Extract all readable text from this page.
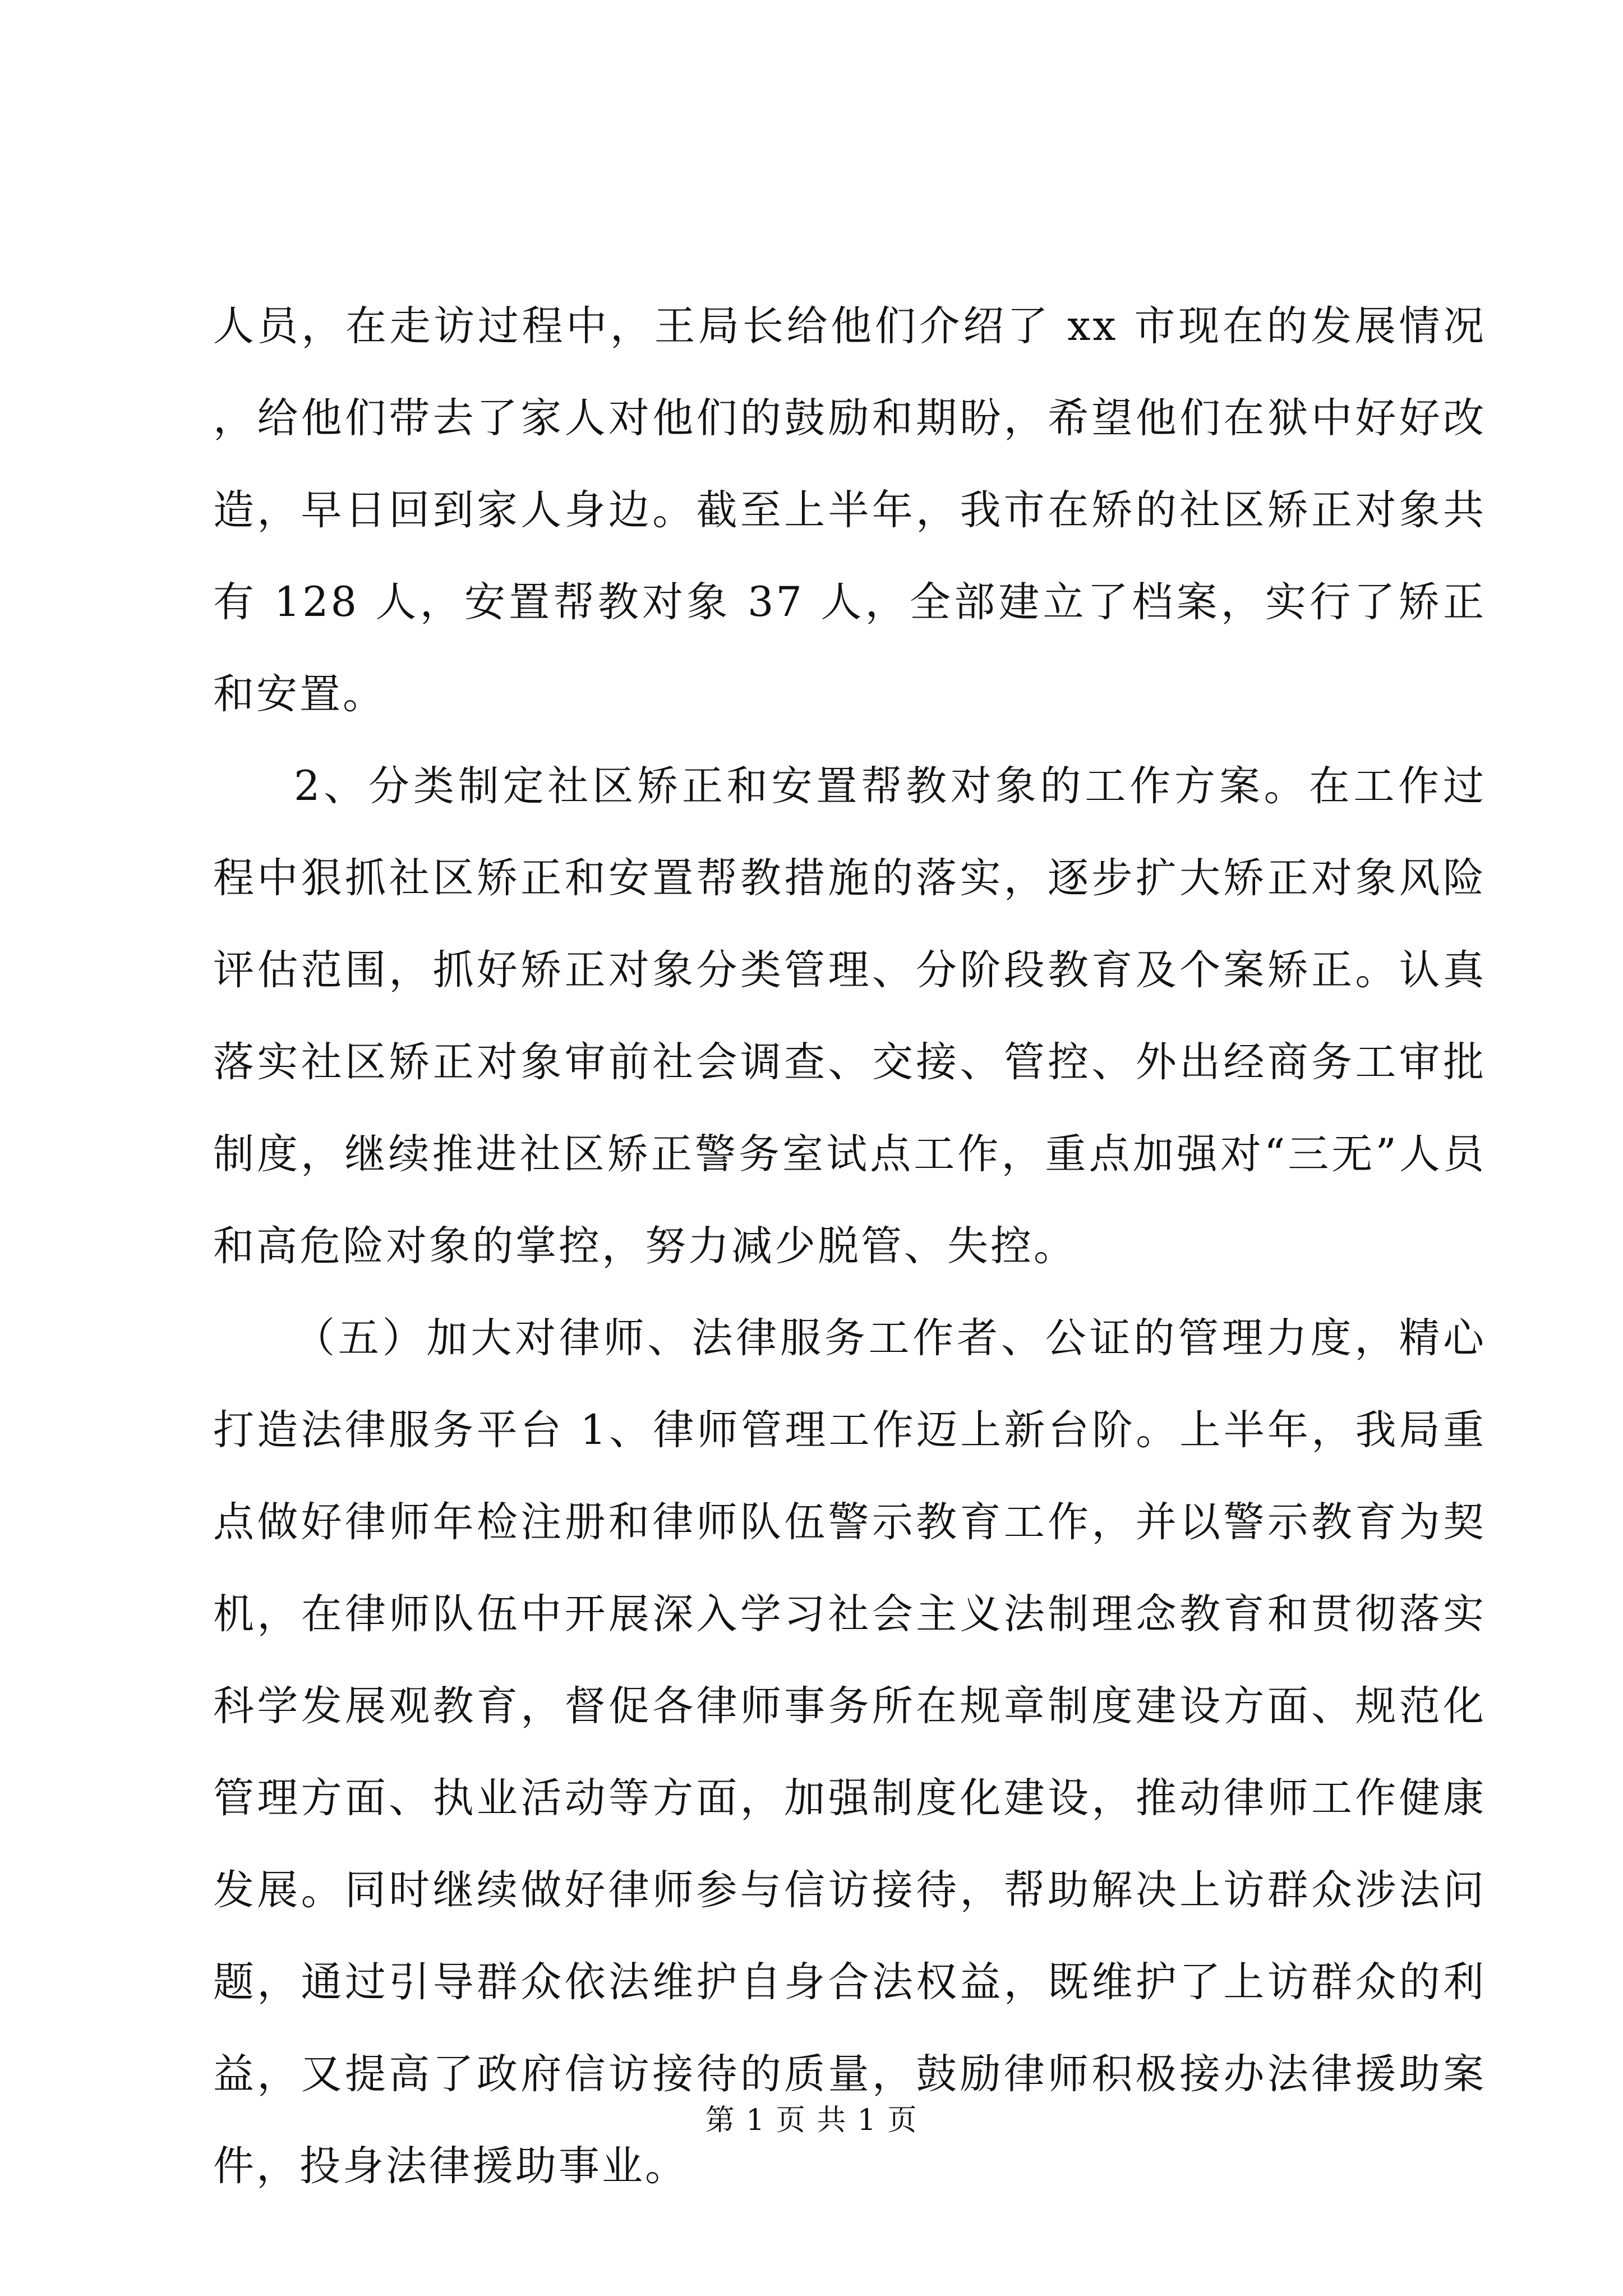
人员，在走访过程中，王局长给他们介绍了 xx 市现在的发展情况，给他们带去了家人对他们的鼓励和期盼，希望他们在狱中好好改造，早日回到家人身边。截至上半年，我市在矫的社区矫正对象共有 128 人，安置帮教对象 37 人，全部建立了档案，实行了矫正和安置。

2、分类制定社区矫正和安置帮教对象的工作方案。在工作过程中狠抓社区矫正和安置帮教措施的落实，逐步扩大矫正对象风险评估范围，抓好矫正对象分类管理、分阶段教育及个案矫正。认真落实社区矫正对象审前社会调查、交接、管控、外出经商务工审批制度，继续推进社区矫正警务室试点工作，重点加强对“三无”人员和高危险对象的掌控，努力减少脱管、失控。

（五）加大对律师、法律服务工作者、公证的管理力度，精心打造法律服务平台 1、律师管理工作迈上新台阶。上半年，我局重点做好律师年检注册和律师队伍警示教育工作，并以警示教育为契机，在律师队伍中开展深入学习社会主义法制理念教育和贯彻落实科学发展观教育，督促各律师事务所在规章制度建设方面、规范化管理方面、执业活动等方面，加强制度化建设，推动律师工作健康发展。同时继续做好律师参与信访接待，帮助解决上访群众涉法问题，通过引导群众依法维护自身合法权益，既维护了上访群众的利益，又提高了政府信访接待的质量，鼓励律师积极接办法律援助案件，投身法律援助事业。

第 1 页 共 1 页
